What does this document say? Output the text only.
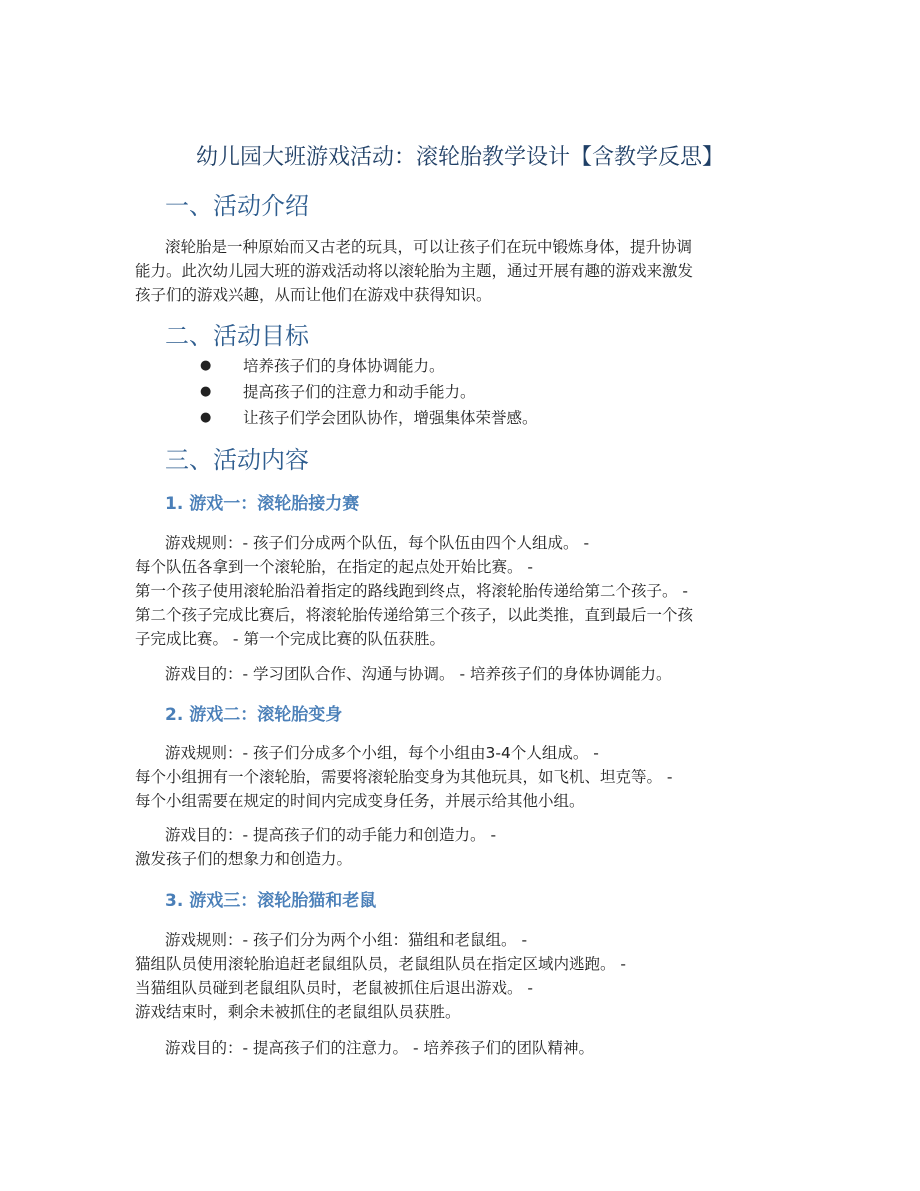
幼儿园大班游戏活动：滚轮胎教学设计【含教学反思】
一、活动介绍

滚轮胎是一种原始而又古老的玩具，可以让孩子们在玩中锻炼身体，提升协调
能力。此次幼儿园大班的游戏活动将以滚轮胎为主题，通过开展有趣的游戏来激发
孩子们的游戏兴趣，从而让他们在游戏中获得知识。

二、活动目标
● 培养孩子们的身体协调能力。
● 提高孩子们的注意力和动手能力。
● 让孩子们学会团队协作，增强集体荣誉感。
三、活动内容
1. 游戏一：滚轮胎接力赛

游戏规则：- 孩子们分成两个队伍，每个队伍由四个人组成。 -
每个队伍各拿到一个滚轮胎，在指定的起点处开始比赛。 -
第一个孩子使用滚轮胎沿着指定的路线跑到终点，将滚轮胎传递给第二个孩子。 -
第二个孩子完成比赛后，将滚轮胎传递给第三个孩子，以此类推，直到最后一个孩
子完成比赛。 - 第一个完成比赛的队伍获胜。

游戏目的：- 学习团队合作、沟通与协调。 - 培养孩子们的身体协调能力。

2. 游戏二：滚轮胎变身

游戏规则：- 孩子们分成多个小组，每个小组由3-4个人组成。 -
每个小组拥有一个滚轮胎，需要将滚轮胎变身为其他玩具，如飞机、坦克等。 -
每个小组需要在规定的时间内完成变身任务，并展示给其他小组。

游戏目的：- 提高孩子们的动手能力和创造力。 -
激发孩子们的想象力和创造力。

3. 游戏三：滚轮胎猫和老鼠

游戏规则：- 孩子们分为两个小组：猫组和老鼠组。 -
猫组队员使用滚轮胎追赶老鼠组队员，老鼠组队员在指定区域内逃跑。 -
当猫组队员碰到老鼠组队员时，老鼠被抓住后退出游戏。 -
游戏结束时，剩余未被抓住的老鼠组队员获胜。

游戏目的：- 提高孩子们的注意力。 - 培养孩子们的团队精神。
